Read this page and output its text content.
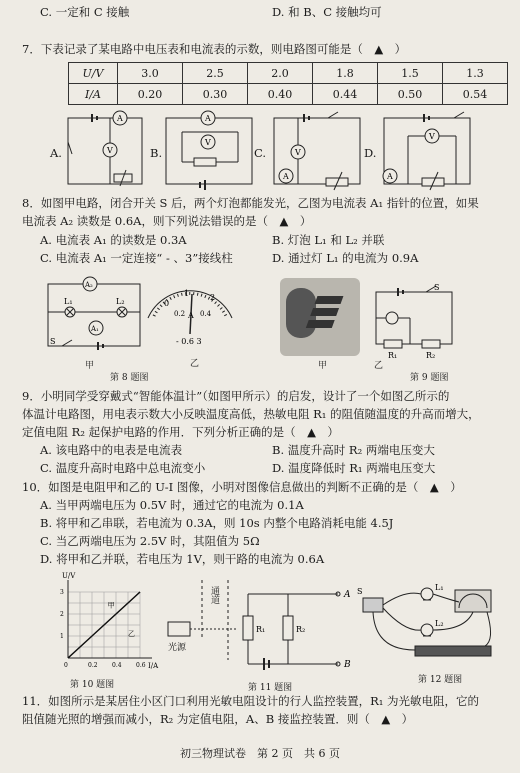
C. 一定和 C 接触	D. 和 B、C 接触均可
7．下表记录了某电路中电压表和电流表的示数，则电路图可能是（　▲　）
U/V	3.0	2.5	2.0	1.8	1.5	1.3
I/A	0.20	0.30	0.40	0.44	0.50	0.54
A.
A
V	B.
A
V
C.	V
A
D.
V
A
8．如图甲电路，闭合开关 S 后，两个灯泡都能发光，乙图为电流表 A₁ 指针的位置，如果
电流表 A₂ 读数是 0.6A，则下列说法错误的是（　▲　）
A. 电流表 A₁ 的读数是 0.3A	B. 灯泡 L₁ 和 L₂ 并联
C. 电流表 A₁ 一定连接“ - 、3”接线柱	D. 通过灯 L₁ 的电流为 0.9A
A₂
A₁
L₁	L₂
S
甲
0
1	2
0.2 0.4
A
- 0.6 3
乙
第 8 题图
甲
R₁	R₂
S
乙
第 9 题图
9．小明同学受穿戴式“智能体温计”（如图甲所示）的启发，设计了一个如图乙所示的
体温计电路图，用电表示数大小反映温度高低，热敏电阻 R₁ 的阻值随温度的升高而增大，
定值电阻 R₂ 起保护电路的作用．下列分析正确的是（　▲　）
A. 该电路中的电表是电流表	B. 温度升高时 R₂ 两端电压变大
C. 温度升高时电路中总电流变小	D. 温度降低时 R₁ 两端电压变大
10．如图是电阻甲和乙的 U-I 图像，小明对图像信息做出的判断不正确的是（　▲　）
A. 当甲两端电压为 0.5V 时，通过它的电流为 0.1A
B. 将甲和乙串联，若电流为 0.3A，则 10s 内整个电路消耗电能 4.5J
C. 当乙两端电压为 2.5V 时，其阻值为 5Ω
D. 将甲和乙并联，若电压为 1V，则干路的电流为 0.6A
I/A
U/V
0	0.2 0.4 0.6
1
2
3
甲
乙
第 10 题图
R₁	R₂
A
B
通道
光源
第 11 题图
S	L₁
L₂
第 12 题图
11．如图所示是某居住小区门口利用光敏电阻设计的行人监控装置，R₁ 为光敏电阻，它的
阻值随光照的增强而减小，R₂ 为定值电阻，A、B 接监控装置．则（　▲　）
初三物理试卷　第 2 页　共 6 页
